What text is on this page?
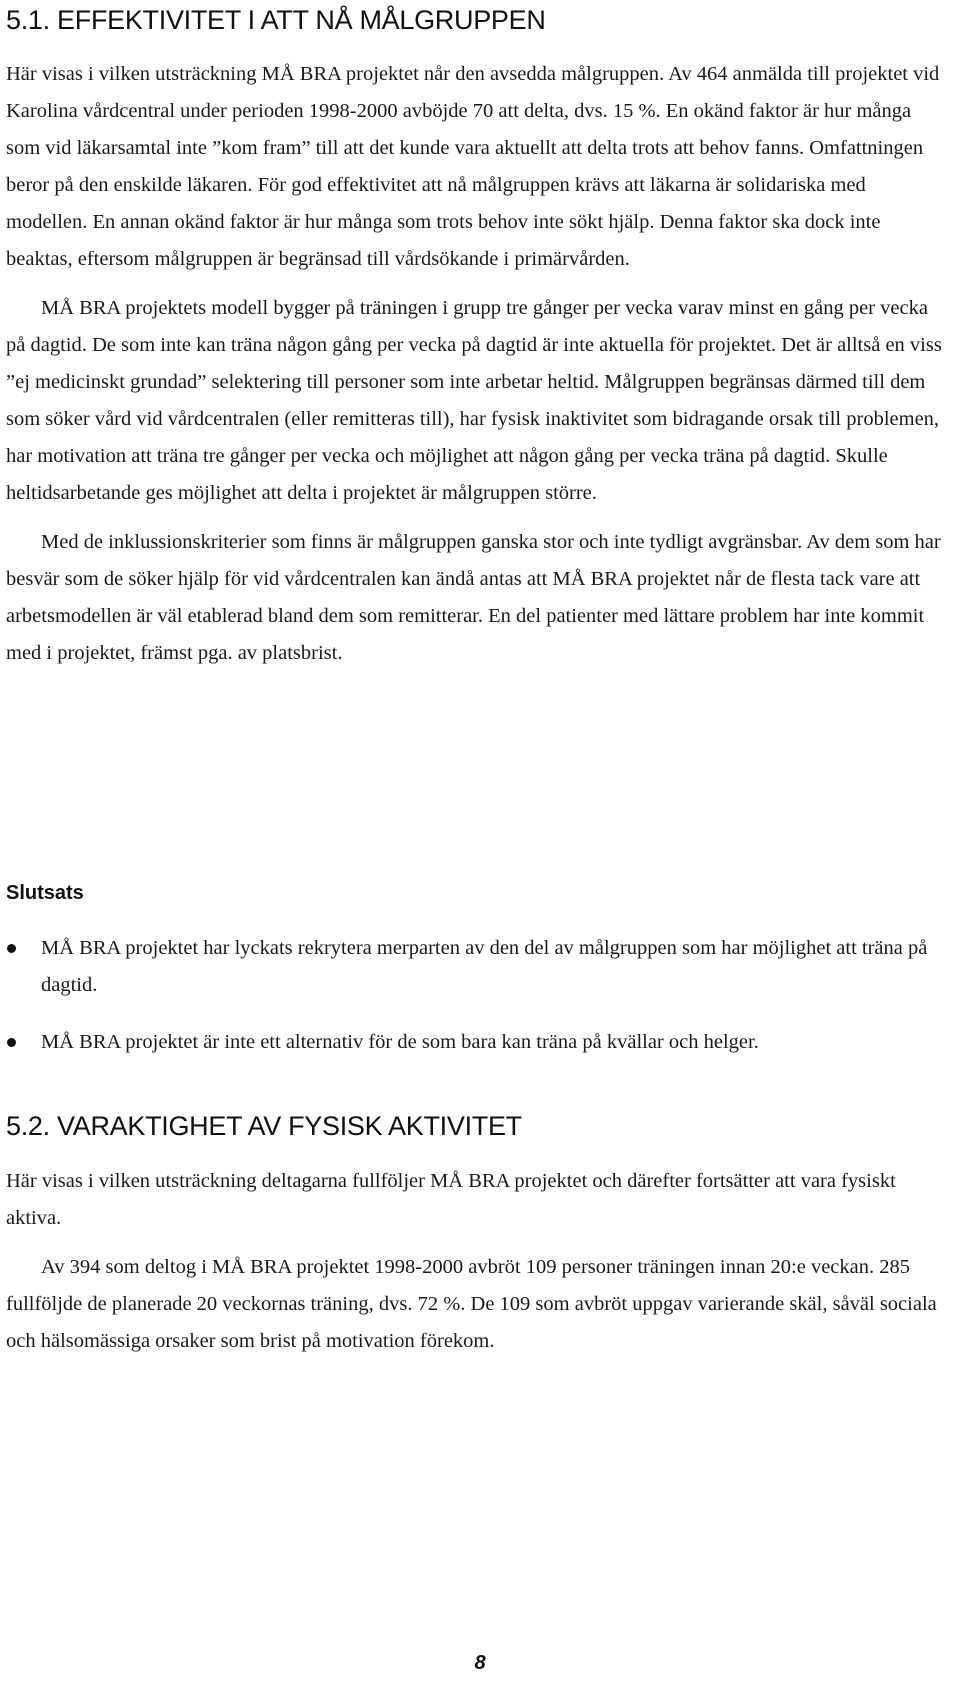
5.1. EFFEKTIVITET I ATT NÅ MÅLGRUPPEN

Här visas i vilken utsträckning MÅ BRA projektet når den avsedda målgruppen. Av 464 anmälda till projektet vid Karolina vårdcentral under perioden 1998-2000 avböjde 70 att delta, dvs. 15 %. En okänd faktor är hur många som vid läkarsamtal inte ”kom fram” till att det kunde vara aktuellt att delta trots att behov fanns. Omfattningen beror på den enskilde läkaren. För god effektivitet att nå målgruppen krävs att läkarna är solidariska med modellen. En annan okänd faktor är hur många som trots behov inte sökt hjälp. Denna faktor ska dock inte beaktas, eftersom målgruppen är begränsad till vårdsökande i primärvården.

MÅ BRA projektets modell bygger på träningen i grupp tre gånger per vecka varav minst en gång per vecka på dagtid. De som inte kan träna någon gång per vecka på dagtid är inte aktuella för projektet. Det är alltså en viss ”ej medicinskt grundad” selektering till personer som inte arbetar heltid. Målgruppen begränsas därmed till dem som söker vård vid vårdcentralen (eller remitteras till), har fysisk inaktivitet som bidragande orsak till problemen, har motivation att träna tre gånger per vecka och möjlighet att någon gång per vecka träna på dagtid. Skulle heltidsarbetande ges möjlighet att delta i projektet är målgruppen större.

Med de inklussionskriterier som finns är målgruppen ganska stor och inte tydligt avgränsbar. Av dem som har besvär som de söker hjälp för vid vårdcentralen kan ändå antas att MÅ BRA projektet når de flesta tack vare att arbetsmodellen är väl etablerad bland dem som remitterar. En del patienter med lättare problem har inte kommit med i projektet, främst pga. av platsbrist.

Slutsats
MÅ BRA projektet har lyckats rekrytera merparten av den del av målgruppen som har möjlighet att träna på dagtid.
MÅ BRA projektet är inte ett alternativ för de som bara kan träna på kvällar och helger.
5.2. VARAKTIGHET AV FYSISK AKTIVITET

Här visas i vilken utsträckning deltagarna fullföljer MÅ BRA projektet och därefter fortsätter att vara fysiskt aktiva.

Av 394 som deltog i MÅ BRA projektet 1998-2000 avbröt 109 personer träningen innan 20:e veckan. 285 fullföljde de planerade 20 veckornas träning, dvs. 72 %. De 109 som avbröt uppgav varierande skäl, såväl sociala och hälsomässiga orsaker som brist på motivation förekom.

8
